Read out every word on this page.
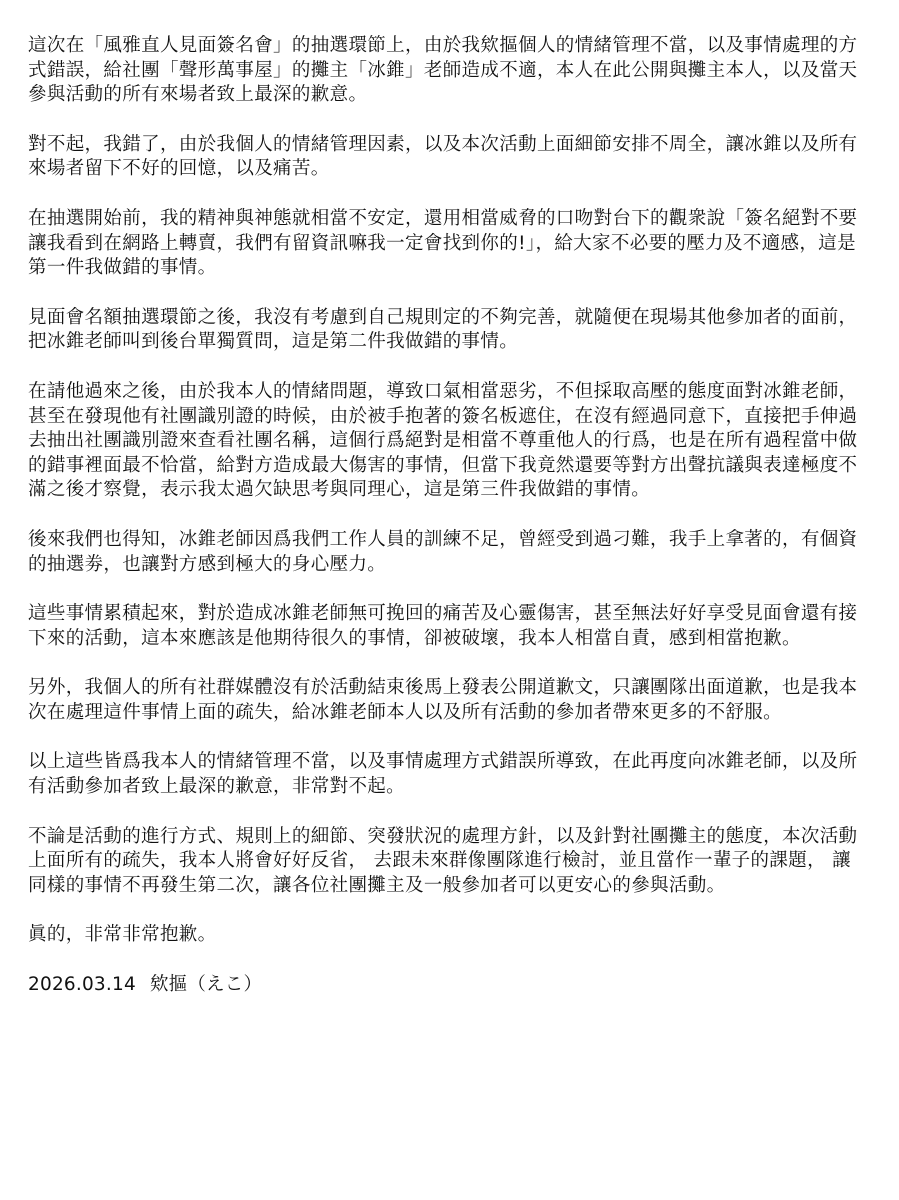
這次在「風雅直人見面簽名會」的抽選環節上，由於我欸摳個人的情緒管理不當，以及事情處理的方式錯誤，給社團「聲形萬事屋」的攤主「冰錐」老師造成不適，本人在此公開與攤主本人，以及當天參與活動的所有來場者致上最深的歉意。

對不起，我錯了，由於我個人的情緒管理因素，以及本次活動上面細節安排不周全，讓冰錐以及所有來場者留下不好的回憶，以及痛苦。

在抽選開始前，我的精神與神態就相當不安定，還用相當威脅的口吻對台下的觀衆說「簽名絕對不要讓我看到在網路上轉賣，我們有留資訊嘛我一定會找到你的!」，給大家不必要的壓力及不適感，這是第一件我做錯的事情。

見面會名額抽選環節之後，我沒有考慮到自己規則定的不夠完善，就隨便在現場其他參加者的面前，把冰錐老師叫到後台單獨質問，這是第二件我做錯的事情。

在請他過來之後，由於我本人的情緒問題，導致口氣相當惡劣，不但採取高壓的態度面對冰錐老師，甚至在發現他有社團識別證的時候，由於被手抱著的簽名板遮住，在沒有經過同意下，直接把手伸過去抽出社團識別證來查看社團名稱，這個行爲絕對是相當不尊重他人的行爲，也是在所有過程當中做的錯事裡面最不恰當，給對方造成最大傷害的事情，但當下我竟然還要等對方出聲抗議與表達極度不滿之後才察覺，表示我太過欠缺思考與同理心，這是第三件我做錯的事情。

後來我們也得知，冰錐老師因爲我們工作人員的訓練不足，曾經受到過刁難，我手上拿著的，有個資的抽選劵，也讓對方感到極大的身心壓力。

這些事情累積起來，對於造成冰錐老師無可挽回的痛苦及心靈傷害，甚至無法好好享受見面會還有接下來的活動，這本來應該是他期待很久的事情，卻被破壞，我本人相當自責，感到相當抱歉。

另外，我個人的所有社群媒體沒有於活動結束後馬上發表公開道歉文，只讓團隊出面道歉，也是我本次在處理這件事情上面的疏失，給冰錐老師本人以及所有活動的參加者帶來更多的不舒服。

以上這些皆爲我本人的情緒管理不當，以及事情處理方式錯誤所導致，在此再度向冰錐老師，以及所有活動參加者致上最深的歉意，非常對不起。

不論是活動的進行方式、規則上的細節、突發狀況的處理方針，以及針對社團攤主的態度，本次活動上面所有的疏失，我本人將會好好反省， 去跟未來群像團隊進行檢討，並且當作一輩子的課題， 讓同樣的事情不再發生第二次，讓各位社團攤主及一般參加者可以更安心的參與活動。

眞的，非常非常抱歉。

2026.03.14 欸摳（えこ）
